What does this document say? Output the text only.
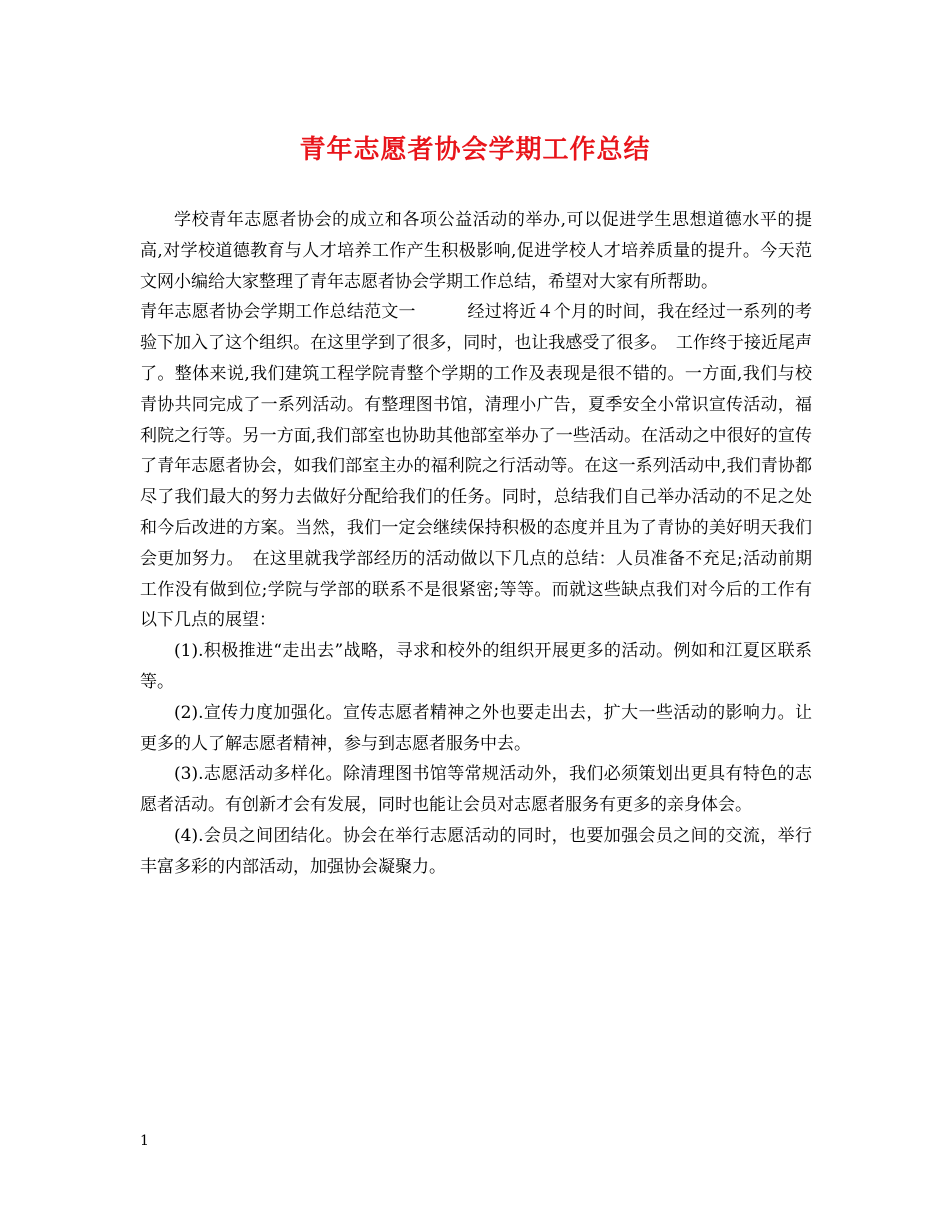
青年志愿者协会学期工作总结

学校青年志愿者协会的成立和各项公益活动的举办,可以促进学生思想道德水平的提高,对学校道德教育与人才培养工作产生积极影响,促进学校人才培养质量的提升。今天范文网小编给大家整理了青年志愿者协会学期工作总结，希望对大家有所帮助。

青年志愿者协会学期工作总结范文一　　　经过将近４个月的时间，我在经过一系列的考验下加入了这个组织。在这里学到了很多，同时，也让我感受了很多。　工作终于接近尾声了。整体来说,我们建筑工程学院青整个学期的工作及表现是很不错的。一方面,我们与校青协共同完成了一系列活动。有整理图书馆，清理小广告，夏季安全小常识宣传活动，福利院之行等。另一方面,我们部室也协助其他部室举办了一些活动。在活动之中很好的宣传了青年志愿者协会，如我们部室主办的福利院之行活动等。在这一系列活动中,我们青协都尽了我们最大的努力去做好分配给我们的任务。同时，总结我们自己举办活动的不足之处和今后改进的方案。当然，我们一定会继续保持积极的态度并且为了青协的美好明天我们会更加努力。　在这里就我学部经历的活动做以下几点的总结：人员准备不充足;活动前期工作没有做到位;学院与学部的联系不是很紧密;等等。而就这些缺点我们对今后的工作有以下几点的展望：

(1).积极推进“走出去”战略，寻求和校外的组织开展更多的活动。例如和江夏区联系等。

(2).宣传力度加强化。宣传志愿者精神之外也要走出去，扩大一些活动的影响力。让更多的人了解志愿者精神，参与到志愿者服务中去。

(3).志愿活动多样化。除清理图书馆等常规活动外，我们必须策划出更具有特色的志愿者活动。有创新才会有发展，同时也能让会员对志愿者服务有更多的亲身体会。

(4).会员之间团结化。协会在举行志愿活动的同时，也要加强会员之间的交流，举行丰富多彩的内部活动，加强协会凝聚力。

1
